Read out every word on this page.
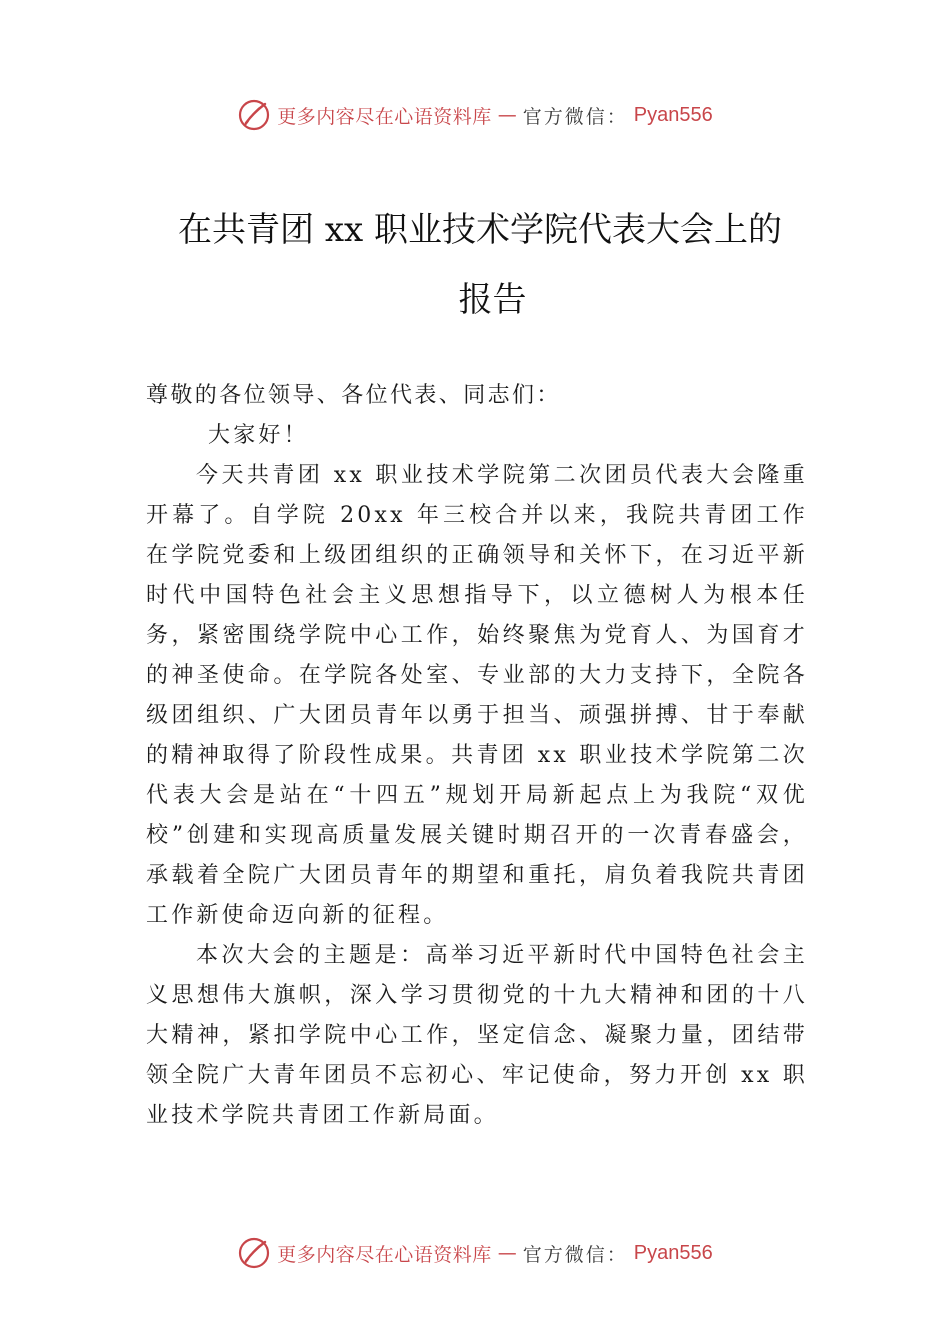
更多内容尽在心语资料库 — 官方微信： Pyan556
在共青团 xx 职业技术学院代表大会上的
报告

尊敬的各位领导、各位代表、同志们：

大家好！

今天共青团 xx 职业技术学院第二次团员代表大会隆重开幕了。自学院 20xx 年三校合并以来，我院共青团工作在学院党委和上级团组织的正确领导和关怀下，在习近平新时代中国特色社会主义思想指导下，以立德树人为根本任务，紧密围绕学院中心工作，始终聚焦为党育人、为国育才的神圣使命。在学院各处室、专业部的大力支持下，全院各级团组织、广大团员青年以勇于担当、顽强拼搏、甘于奉献的精神取得了阶段性成果。共青团 xx 职业技术学院第二次代表大会是站在“十四五”规划开局新起点上为我院“双优校”创建和实现高质量发展关键时期召开的一次青春盛会，承载着全院广大团员青年的期望和重托，肩负着我院共青团工作新使命迈向新的征程。

本次大会的主题是：高举习近平新时代中国特色社会主义思想伟大旗帜，深入学习贯彻党的十九大精神和团的十八大精神，紧扣学院中心工作，坚定信念、凝聚力量，团结带领全院广大青年团员不忘初心、牢记使命，努力开创 xx 职业技术学院共青团工作新局面。

更多内容尽在心语资料库 — 官方微信： Pyan556
